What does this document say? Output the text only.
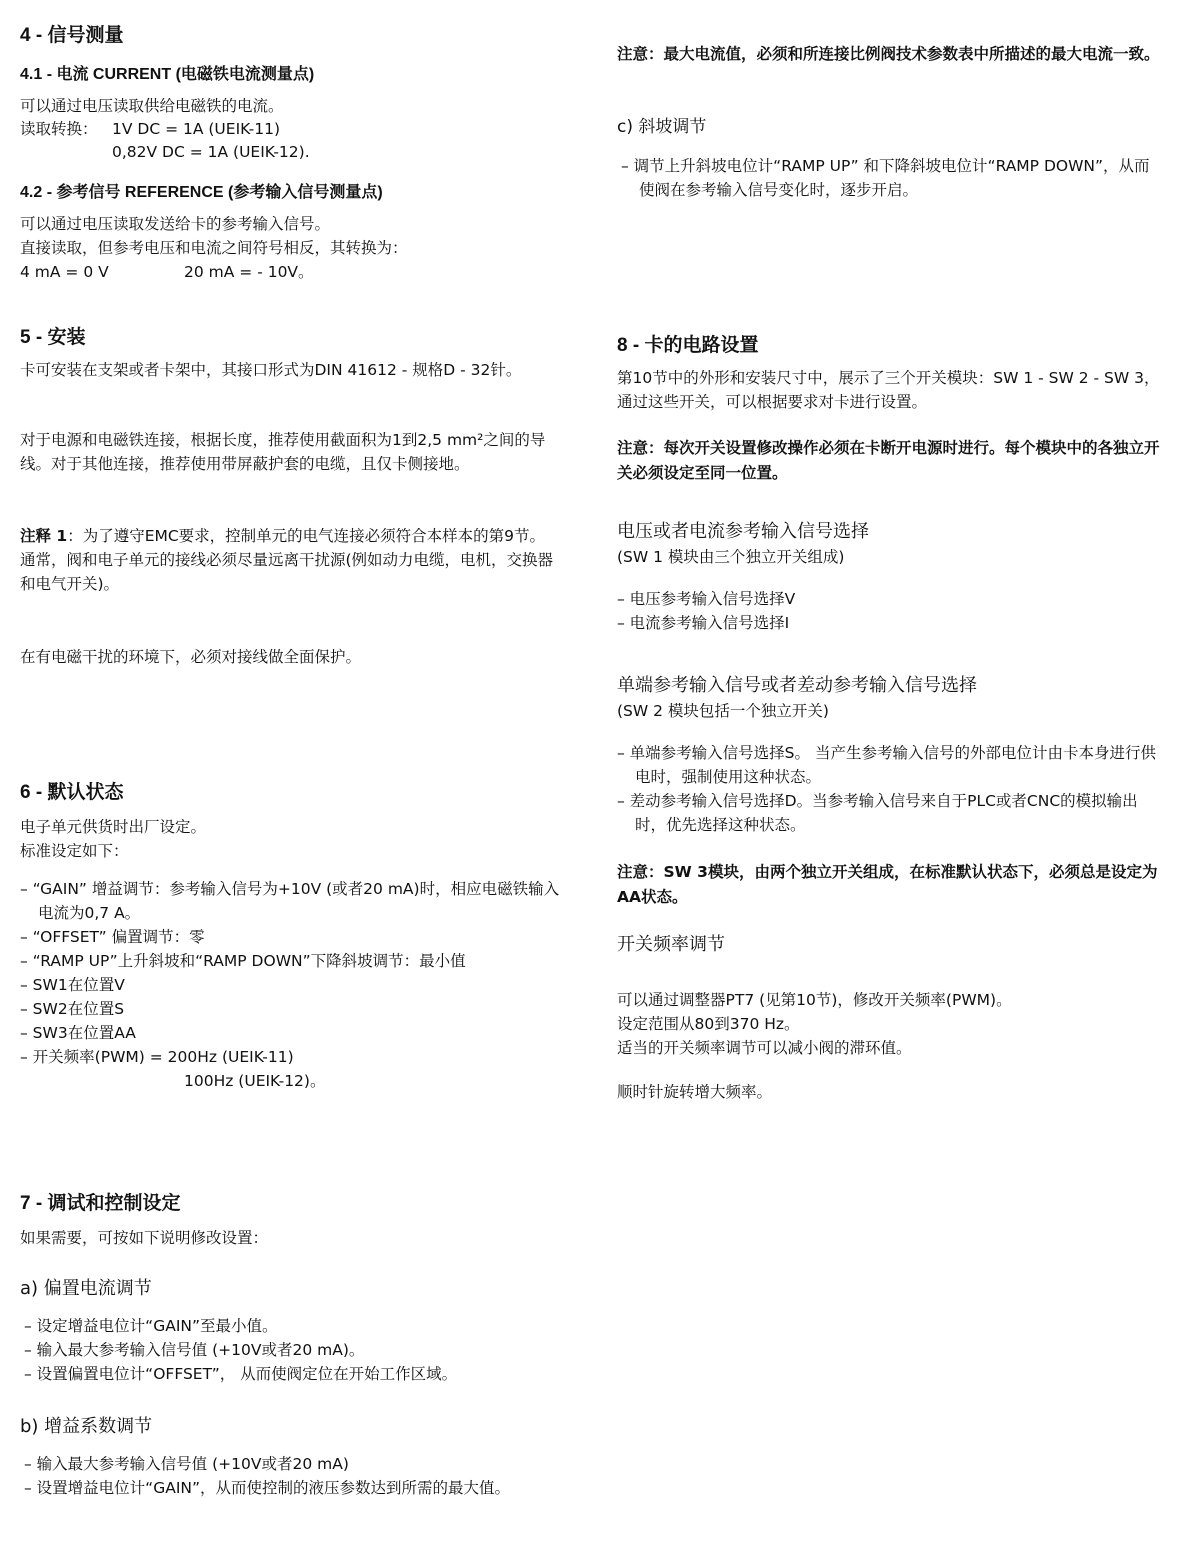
4 - 信号测量
4.1 - 电流 CURRENT (电磁铁电流测量点)
可以通过电压读取供给电磁铁的电流。
读取转换： 1V DC = 1A (UEIK-11)
0,82V DC = 1A (UEIK-12).
4.2 - 参考信号 REFERENCE (参考输入信号测量点)
可以通过电压读取发送给卡的参考输入信号。
直接读取，但参考电压和电流之间符号相反，其转换为：
4 mA = 0 V	20 mA = - 10V。
5 - 安装
卡可安装在支架或者卡架中，其接口形式为DIN 41612 - 规格D - 32针。
对于电源和电磁铁连接，根据长度，推荐使用截面积为1到2,5 mm²之间的导线。对于其他连接，推荐使用带屏蔽护套的电缆，且仅卡侧接地。
注释 1：为了遵守EMC要求，控制单元的电气连接必须符合本样本的第9节。
通常，阀和电子单元的接线必须尽量远离干扰源(例如动力电缆，电机，交换器和电气开关)。
在有电磁干扰的环境下，必须对接线做全面保护。
6 - 默认状态
电子单元供货时出厂设定。
标准设定如下：
– “GAIN” 增益调节：参考输入信号为+10V (或者20 mA)时，相应电磁铁输入电流为0,7 A。
– “OFFSET” 偏置调节：零
– “RAMP UP”上升斜坡和“RAMP DOWN”下降斜坡调节：最小值
– SW1在位置V
– SW2在位置S
– SW3在位置AA
– 开关频率(PWM) = 200Hz (UEIK-11)
100Hz (UEIK-12)。
7 - 调试和控制设定
如果需要，可按如下说明修改设置：
a) 偏置电流调节
– 设定增益电位计“GAIN”至最小值。
– 输入最大参考输入信号值 (+10V或者20 mA)。
– 设置偏置电位计“OFFSET”， 从而使阀定位在开始工作区域。
b) 增益系数调节
– 输入最大参考输入信号值 (+10V或者20 mA)
– 设置增益电位计“GAIN”，从而使控制的液压参数达到所需的最大值。
注意：最大电流值，必须和所连接比例阀技术参数表中所描述的最大电流一致。
c) 斜坡调节
– 调节上升斜坡电位计“RAMP UP” 和下降斜坡电位计“RAMP DOWN”，从而使阀在参考输入信号变化时，逐步开启。
8 - 卡的电路设置
第10节中的外形和安装尺寸中，展示了三个开关模块：SW 1 - SW 2 - SW 3，通过这些开关，可以根据要求对卡进行设置。
注意：每次开关设置修改操作必须在卡断开电源时进行。每个模块中的各独立开关必须设定至同一位置。
电压或者电流参考输入信号选择
(SW 1 模块由三个独立开关组成)
– 电压参考输入信号选择V
– 电流参考输入信号选择I
单端参考输入信号或者差动参考输入信号选择
(SW 2 模块包括一个独立开关)
– 单端参考输入信号选择S。 当产生参考输入信号的外部电位计由卡本身进行供电时，强制使用这种状态。
– 差动参考输入信号选择D。当参考输入信号来自于PLC或者CNC的模拟输出时，优先选择这种状态。
注意：SW 3模块，由两个独立开关组成，在标准默认状态下，必须总是设定为AA状态。
开关频率调节
可以通过调整器PT7 (见第10节)，修改开关频率(PWM)。
设定范围从80到370 Hz。
适当的开关频率调节可以减小阀的滞环值。
顺时针旋转增大频率。
